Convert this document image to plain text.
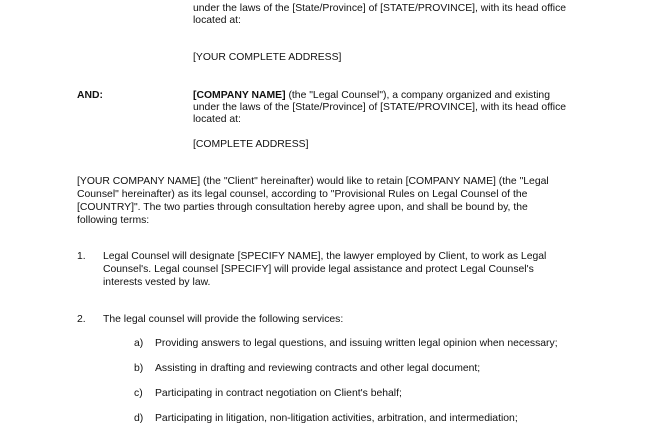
under the laws of the [State/Province] of [STATE/PROVINCE], with its head office
located at:
[YOUR COMPLETE ADDRESS]
AND:	[COMPANY NAME] (the "Legal Counsel"), a company organized and existing
under the laws of the [State/Province] of [STATE/PROVINCE], with its head office
located at:
[COMPLETE ADDRESS]
[YOUR COMPANY NAME] (the "Client" hereinafter) would like to retain [COMPANY NAME] (the "Legal
Counsel" hereinafter) as its legal counsel, according to "Provisional Rules on Legal Counsel of the
[COUNTRY]". The two parties through consultation hereby agree upon, and shall be bound by, the
following terms:
1. Legal Counsel will designate [SPECIFY NAME], the lawyer employed by Client, to work as Legal
Counsel's. Legal counsel [SPECIFY] will provide legal assistance and protect Legal Counsel's
interests vested by law.
2. The legal counsel will provide the following services:
a) Providing answers to legal questions, and issuing written legal opinion when necessary;
b) Assisting in drafting and reviewing contracts and other legal document;
c) Participating in contract negotiation on Client's behalf;
d) Participating in litigation, non-litigation activities, arbitration, and intermediation;
